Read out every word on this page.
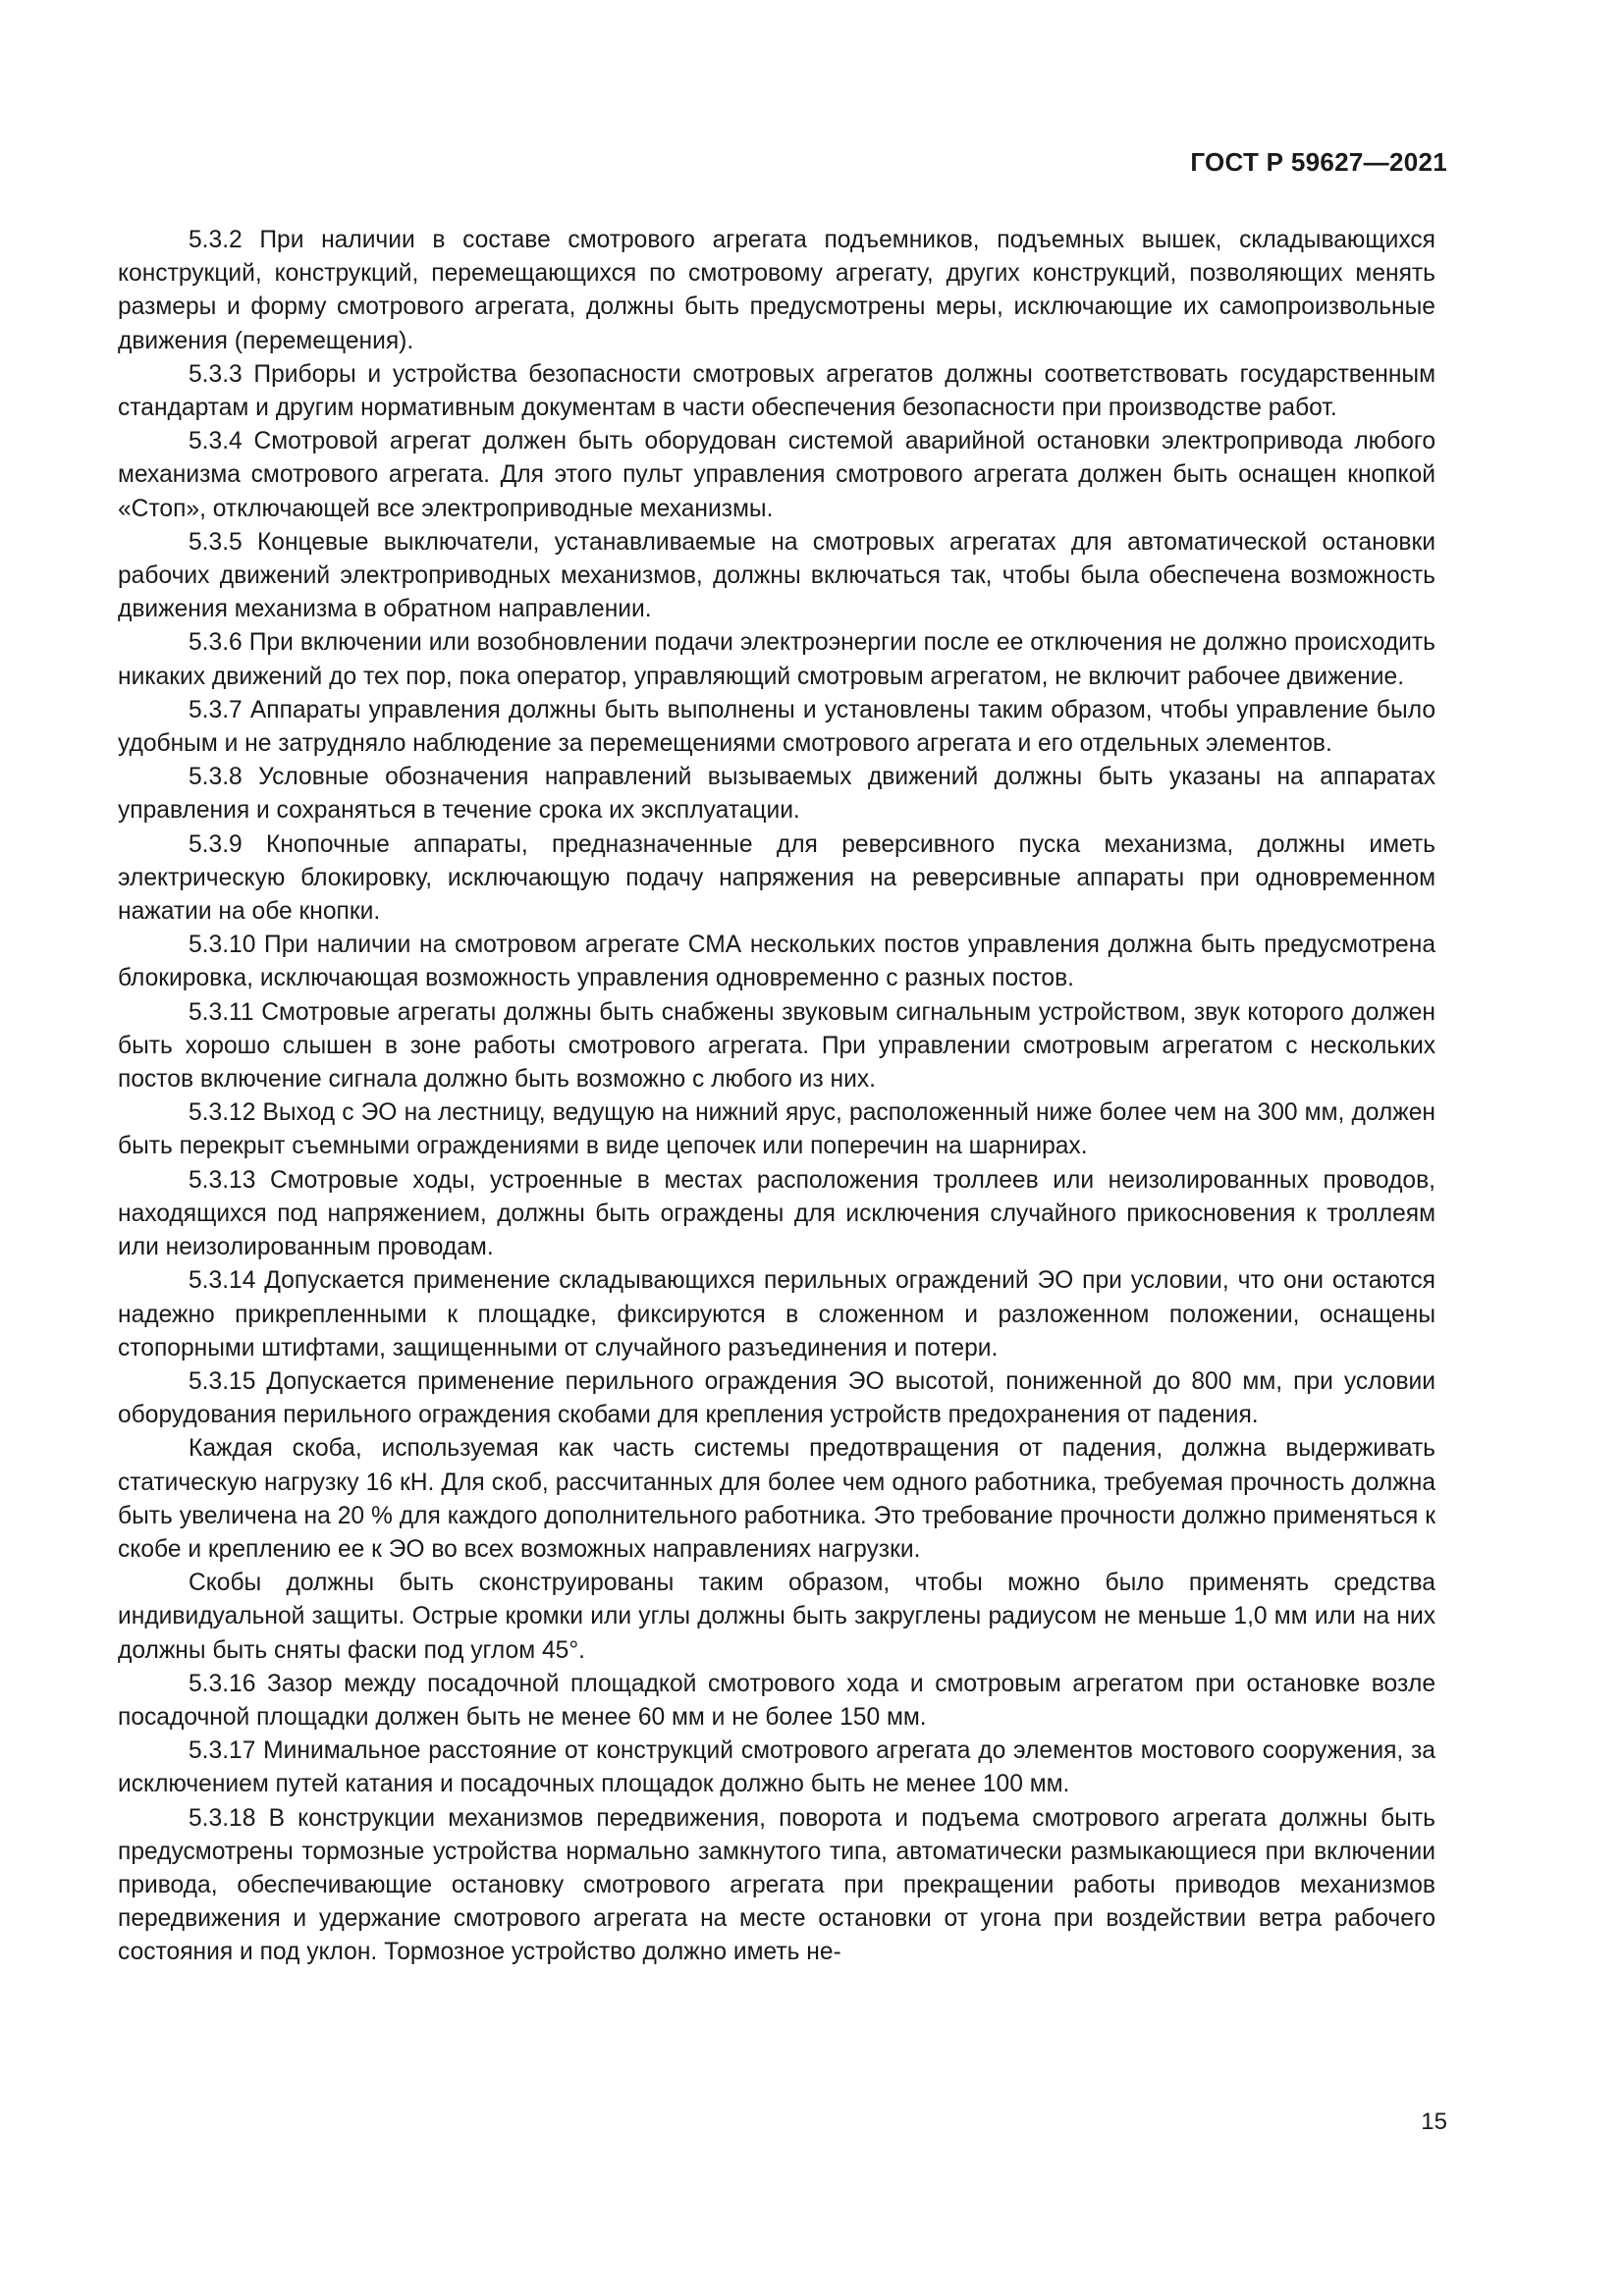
ГОСТ Р 59627—2021

5.3.2 При наличии в составе смотрового агрегата подъемников, подъемных вышек, складывающихся конструкций, конструкций, перемещающихся по смотровому агрегату, других конструкций, позволяющих менять размеры и форму смотрового агрегата, должны быть предусмотрены меры, исключающие их самопроизвольные движения (перемещения).

5.3.3 Приборы и устройства безопасности смотровых агрегатов должны соответствовать государственным стандартам и другим нормативным документам в части обеспечения безопасности при производстве работ.

5.3.4 Смотровой агрегат должен быть оборудован системой аварийной остановки электропривода любого механизма смотрового агрегата. Для этого пульт управления смотрового агрегата должен быть оснащен кнопкой «Стоп», отключающей все электроприводные механизмы.

5.3.5 Концевые выключатели, устанавливаемые на смотровых агрегатах для автоматической остановки рабочих движений электроприводных механизмов, должны включаться так, чтобы была обеспечена возможность движения механизма в обратном направлении.

5.3.6 При включении или возобновлении подачи электроэнергии после ее отключения не должно происходить никаких движений до тех пор, пока оператор, управляющий смотровым агрегатом, не включит рабочее движение.

5.3.7 Аппараты управления должны быть выполнены и установлены таким образом, чтобы управление было удобным и не затрудняло наблюдение за перемещениями смотрового агрегата и его отдельных элементов.

5.3.8 Условные обозначения направлений вызываемых движений должны быть указаны на аппаратах управления и сохраняться в течение срока их эксплуатации.

5.3.9 Кнопочные аппараты, предназначенные для реверсивного пуска механизма, должны иметь электрическую блокировку, исключающую подачу напряжения на реверсивные аппараты при одновременном нажатии на обе кнопки.

5.3.10 При наличии на смотровом агрегате СМА нескольких постов управления должна быть предусмотрена блокировка, исключающая возможность управления одновременно с разных постов.

5.3.11 Смотровые агрегаты должны быть снабжены звуковым сигнальным устройством, звук которого должен быть хорошо слышен в зоне работы смотрового агрегата. При управлении смотровым агрегатом с нескольких постов включение сигнала должно быть возможно с любого из них.

5.3.12 Выход с ЭО на лестницу, ведущую на нижний ярус, расположенный ниже более чем на 300 мм, должен быть перекрыт съемными ограждениями в виде цепочек или поперечин на шарнирах.

5.3.13 Смотровые ходы, устроенные в местах расположения троллеев или неизолированных проводов, находящихся под напряжением, должны быть ограждены для исключения случайного прикосновения к троллеям или неизолированным проводам.

5.3.14 Допускается применение складывающихся перильных ограждений ЭО при условии, что они остаются надежно прикрепленными к площадке, фиксируются в сложенном и разложенном положении, оснащены стопорными штифтами, защищенными от случайного разъединения и потери.

5.3.15 Допускается применение перильного ограждения ЭО высотой, пониженной до 800 мм, при условии оборудования перильного ограждения скобами для крепления устройств предохранения от падения.

Каждая скоба, используемая как часть системы предотвращения от падения, должна выдерживать статическую нагрузку 16 кН. Для скоб, рассчитанных для более чем одного работника, требуемая прочность должна быть увеличена на 20 % для каждого дополнительного работника. Это требование прочности должно применяться к скобе и креплению ее к ЭО во всех возможных направлениях нагрузки.

Скобы должны быть сконструированы таким образом, чтобы можно было применять средства индивидуальной защиты. Острые кромки или углы должны быть закруглены радиусом не меньше 1,0 мм или на них должны быть сняты фаски под углом 45°.

5.3.16 Зазор между посадочной площадкой смотрового хода и смотровым агрегатом при остановке возле посадочной площадки должен быть не менее 60 мм и не более 150 мм.

5.3.17 Минимальное расстояние от конструкций смотрового агрегата до элементов мостового сооружения, за исключением путей катания и посадочных площадок должно быть не менее 100 мм.

5.3.18 В конструкции механизмов передвижения, поворота и подъема смотрового агрегата должны быть предусмотрены тормозные устройства нормально замкнутого типа, автоматически размыкающиеся при включении привода, обеспечивающие остановку смотрового агрегата при прекращении работы приводов механизмов передвижения и удержание смотрового агрегата на месте остановки от угона при воздействии ветра рабочего состояния и под уклон. Тормозное устройство должно иметь не-

15
